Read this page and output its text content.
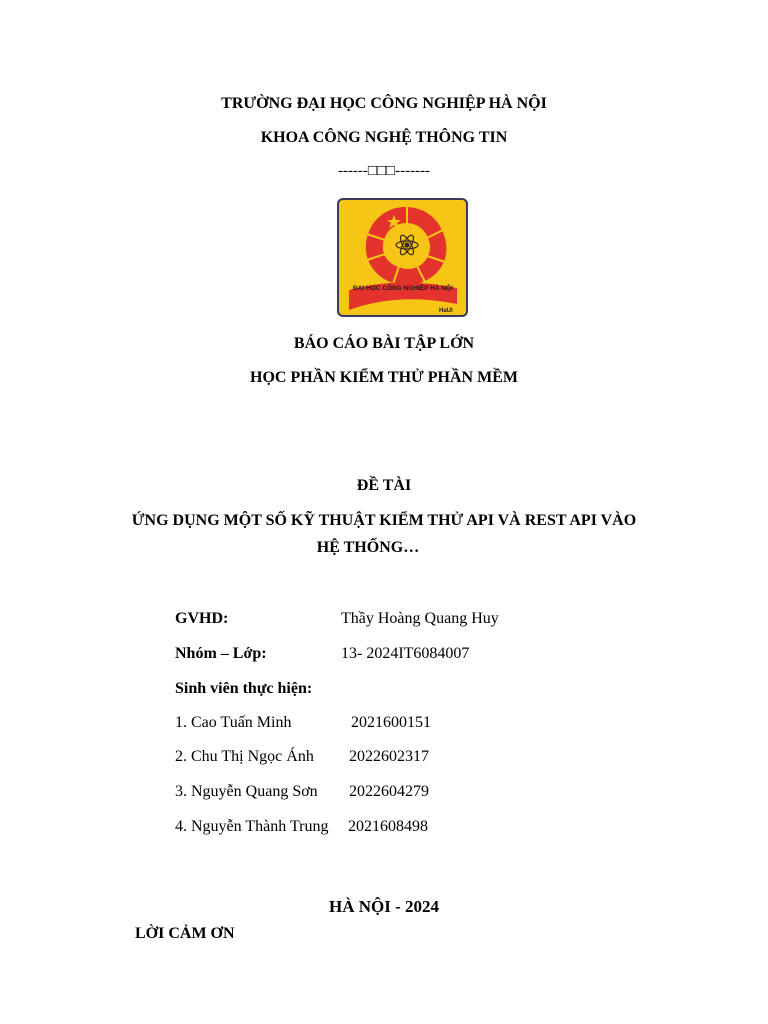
TRƯỜNG ĐẠI HỌC CÔNG NGHIỆP HÀ NỘI
KHOA CÔNG NGHỆ THÔNG TIN
------□□□-------
ĐẠI HỌC CÔNG NGHIỆP HÀ NỘI
HaUI
BÁO CÁO BÀI TẬP LỚN
HỌC PHẦN KIỂM THỬ PHẦN MỀM
ĐỀ TÀI
ỨNG DỤNG MỘT SỐ KỸ THUẬT KIỂM THỬ API VÀ REST API VÀO
HỆ THỐNG…
GVHD:	Thầy Hoàng Quang Huy
Nhóm – Lớp:	13- 2024IT6084007
Sinh viên thực hiện:
1. Cao Tuấn Minh	2021600151
2. Chu Thị Ngọc Ánh 2022602317
3. Nguyễn Quang Sơn 2022604279
4. Nguyễn Thành Trung 2021608498
HÀ NỘI - 2024
LỜI CẢM ƠN
